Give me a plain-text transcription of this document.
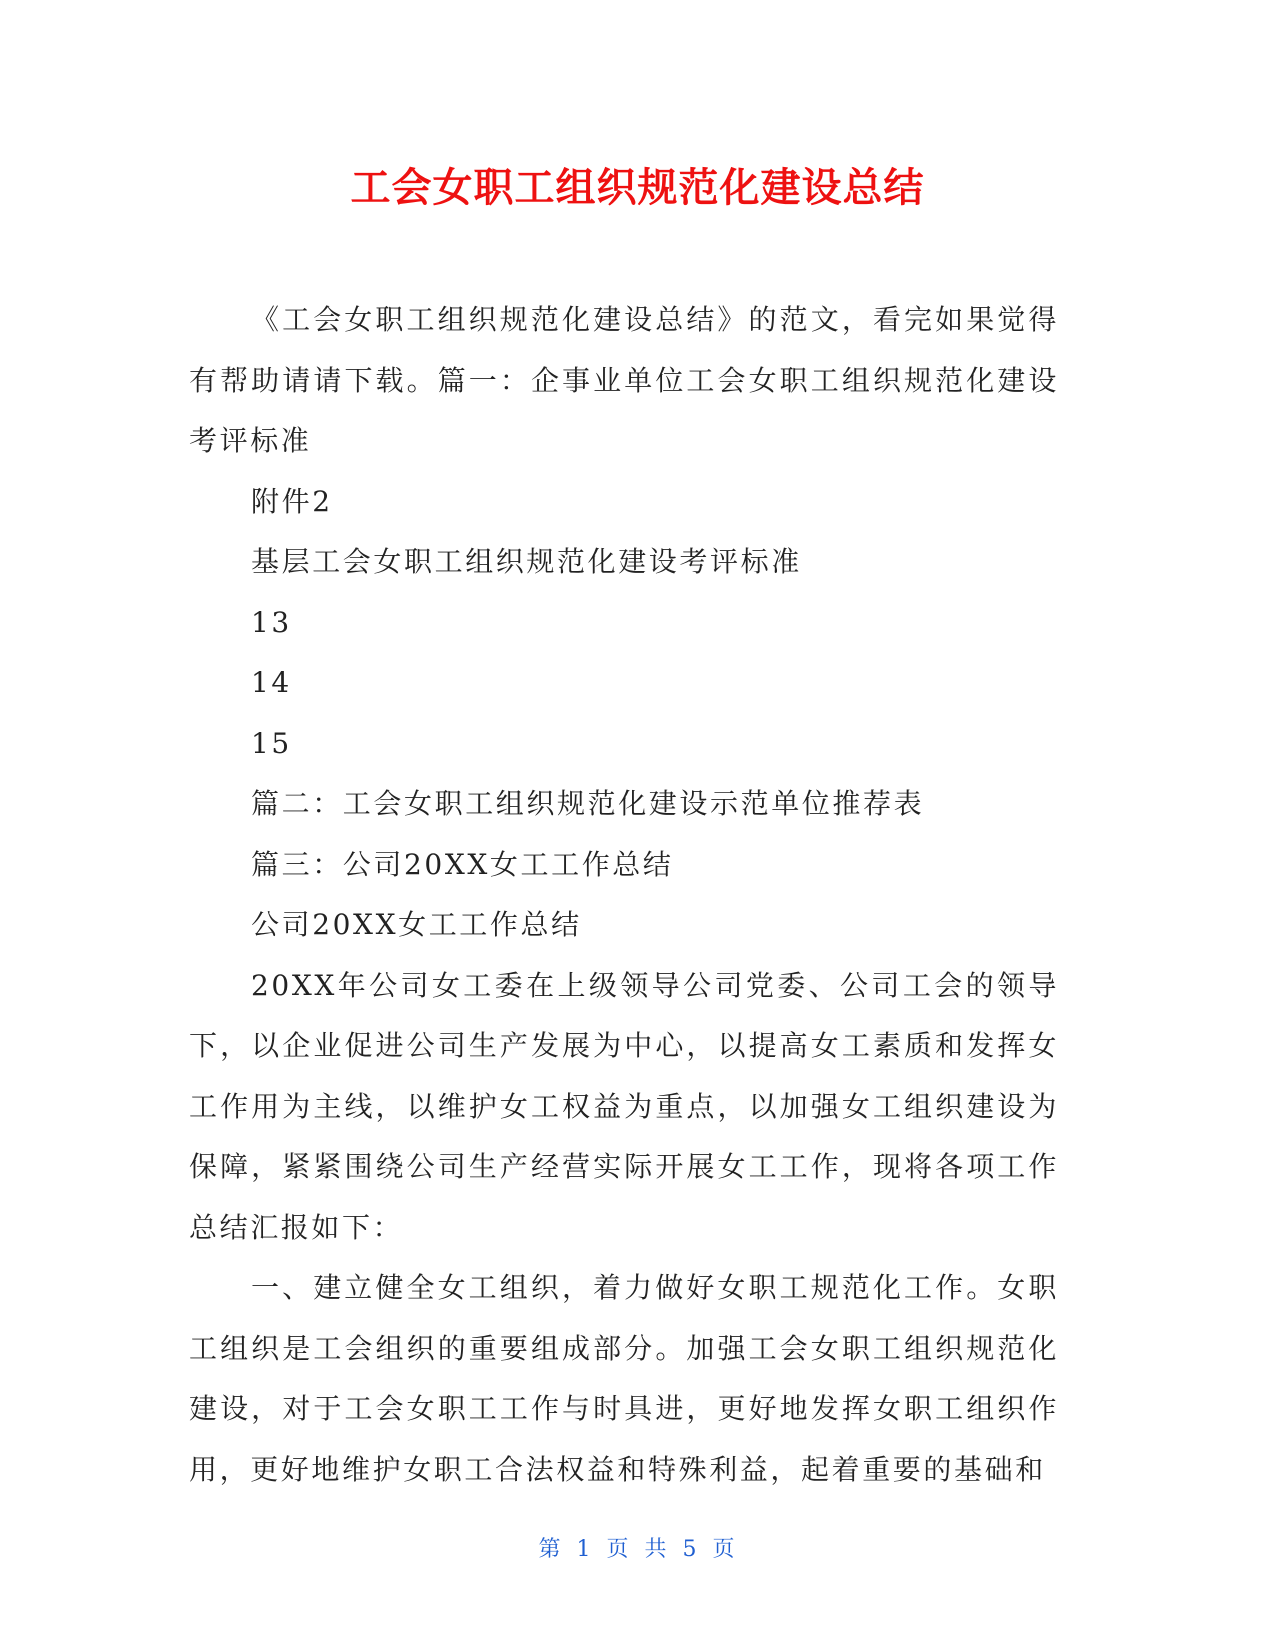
工会女职工组织规范化建设总结

《工会女职工组织规范化建设总结》的范文，看完如果觉得有帮助请请下载。篇一：企事业单位工会女职工组织规范化建设考评标准

附件2

基层工会女职工组织规范化建设考评标准

13

14

15

篇二：工会女职工组织规范化建设示范单位推荐表

篇三：公司20XX女工工作总结

公司20XX女工工作总结

20XX年公司女工委在上级领导公司党委、公司工会的领导下，以企业促进公司生产发展为中心，以提高女工素质和发挥女工作用为主线，以维护女工权益为重点，以加强女工组织建设为保障，紧紧围绕公司生产经营实际开展女工工作，现将各项工作总结汇报如下：

一、建立健全女工组织，着力做好女职工规范化工作。女职工组织是工会组织的重要组成部分。加强工会女职工组织规范化建设，对于工会女职工工作与时具进，更好地发挥女职工组织作用，更好地维护女职工合法权益和特殊利益，起着重要的基础和

第 1 页 共 5 页
